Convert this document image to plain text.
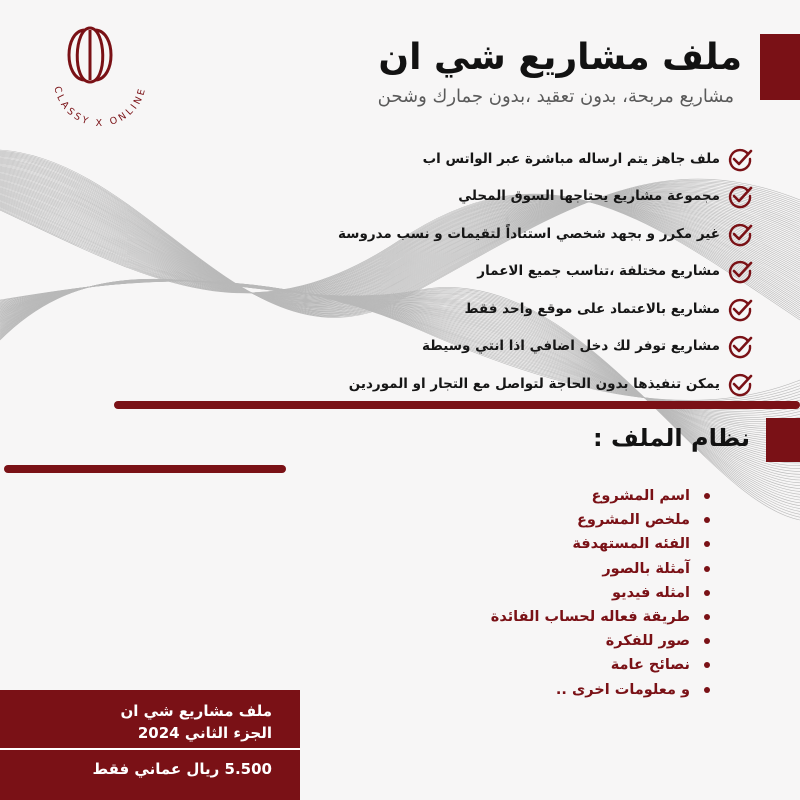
CLASSY X ONLINE
ملف مشاريع شي ان
مشاريع مربحة، بدون تعقيد ،بدون جمارك وشحن
ملف جاهز يتم ارساله مباشرة عبر الواتس اب
مجموعة مشاريع يحتاجها السوق المحلي
غير مكرر و بجهد شخصي استناداً لتقيمات و نسب مدروسة
مشاريع مختلفة ،تناسب جميع الاعمار
مشاريع بالاعتماد على موقع واحد فقط
مشاريع توفر لك دخل اضافي اذا انتي وسيطة
يمكن تنفيذها بدون الحاجة لتواصل مع التجار او الموردين
نظام الملف :
اسم المشروع
ملخص المشروع
الفئه المستهدفة
آمثلة بالصور
امثله فيديو
طريقة فعاله لحساب الفائدة
صور للفكرة
نصائح عامة
و معلومات اخرى ..
ملف مشاريع شي ان
الجزء الثاني 2024
5.500 ريال عماني فقط
